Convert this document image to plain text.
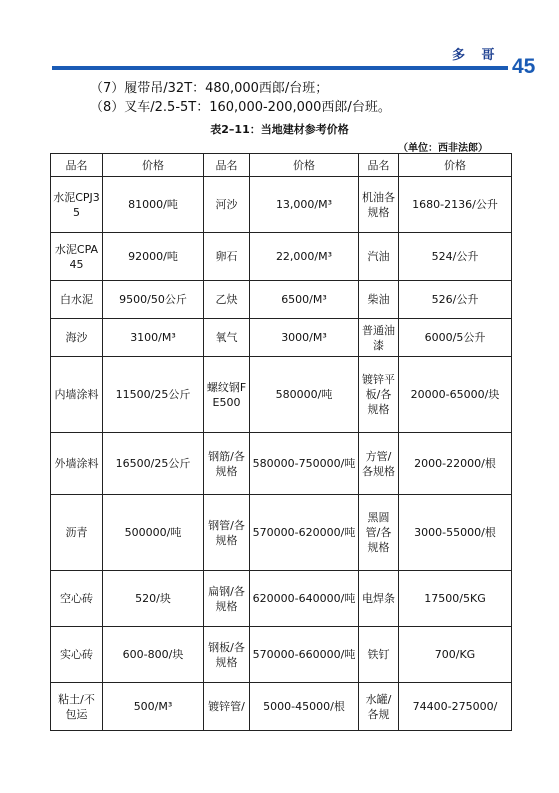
多 哥 45
（7）履带吊/32T：480,000西郎/台班；
（8）叉车/2.5-5T：160,000-200,000西郎/台班。
表2–11：当地建材参考价格
（单位：西非法郎）
品名	价格	品名	价格	品名	价格
水泥CPJ35	81000/吨	河沙	13,000/M³	机油各规格	1680-2136/公升
水泥CPA45	92000/吨	卵石	22,000/M³	汽油	524/公升
白水泥	9500/50公斤	乙炔	6500/M³	柴油	526/公升
海沙	3100/M³	氧气	3000/M³	普通油漆	6000/5公升
内墙涂料	11500/25公斤	螺纹钢FE500	580000/吨	镀锌平板/各规格	20000-65000/块
外墙涂料	16500/25公斤	钢筋/各规格	580000-750000/吨	方管/各规格	2000-22000/根
沥青	500000/吨	钢管/各规格	570000-620000/吨	黑圆管/各规格	3000-55000/根
空心砖	520/块	扁钢/各规格	620000-640000/吨	电焊条	17500/5KG
实心砖	600-800/块	钢板/各规格	570000-660000/吨	铁钉	700/KG
粘土/不包运	500/M³	镀锌管/	5000-45000/根	水罐/各规	74400-275000/
